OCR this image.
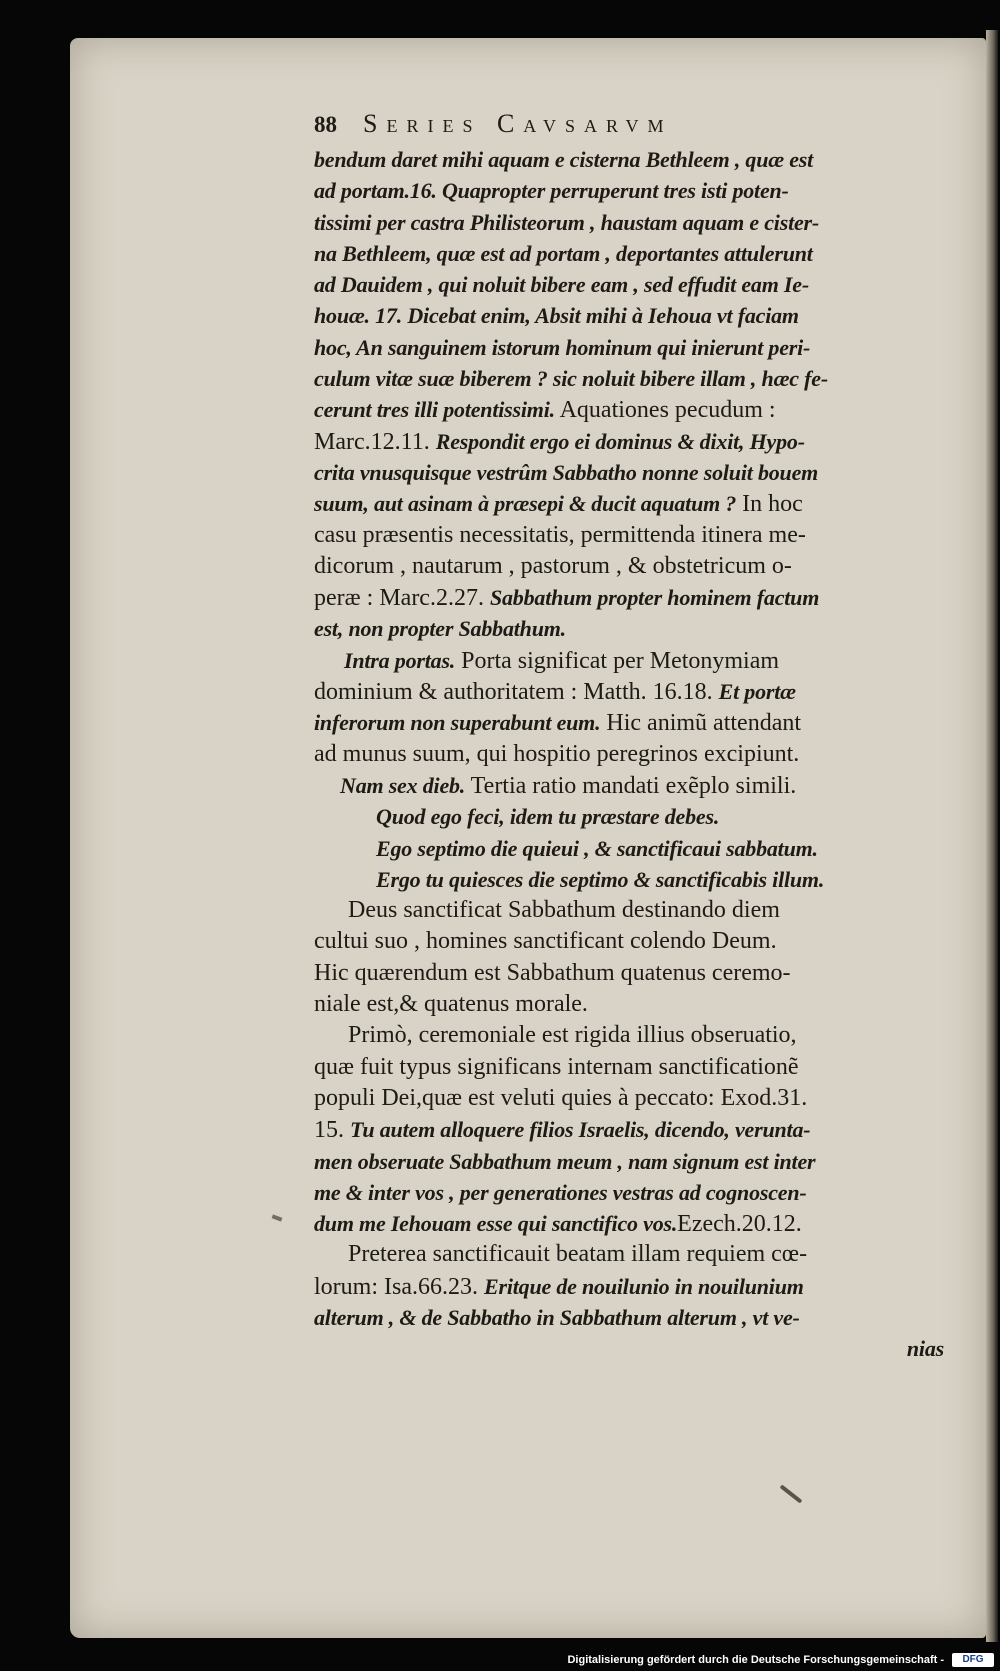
88 Series Cavsarvm
bendum daret mihi aquam e cisterna Bethleem , quæ est
ad portam.16. Quapropter perruperunt tres isti poten-
tissimi per castra Philisteorum , haustam aquam e cister-
na Bethleem, quæ est ad portam , deportantes attulerunt
ad Dauidem , qui noluit bibere eam , sed effudit eam Ie-
houæ. 17. Dicebat enim, Absit mihi à Iehoua vt faciam
hoc, An sanguinem istorum hominum qui inierunt peri-
culum vitæ suæ biberem ? sic noluit bibere illam , hæc fe-
cerunt tres illi potentissimi. Aquationes pecudum :
Marc.12.11. Respondit ergo ei dominus & dixit, Hypo-
crita vnusquisque vestrûm Sabbatho nonne soluit bouem
suum, aut asinam à præsepi & ducit aquatum ? In hoc
casu præsentis necessitatis, permittenda itinera me-
dicorum , nautarum , pastorum , & obstetricum o-
peræ : Marc.2.27. Sabbathum propter hominem factum
est, non propter Sabbathum.
Intra portas. Porta significat per Metonymiam
dominium & authoritatem : Matth. 16.18. Et portæ
inferorum non superabunt eum. Hic animũ attendant
ad munus suum, qui hospitio peregrinos excipiunt.
Nam sex dieb. Tertia ratio mandati exẽplo simili.
Quod ego feci, idem tu præstare debes.
Ego septimo die quieui , & sanctificaui sabbatum.
Ergo tu quiesces die septimo & sanctificabis illum.
Deus sanctificat Sabbathum destinando diem
cultui suo , homines sanctificant colendo Deum.
Hic quærendum est Sabbathum quatenus ceremo-
niale est,& quatenus morale.
Primò, ceremoniale est rigida illius obseruatio,
quæ fuit typus significans internam sanctificationẽ
populi Dei,quæ est veluti quies à peccato: Exod.31.
15. Tu autem alloquere filios Israelis, dicendo, veruntа-
men obseruate Sabbathum meum , nam signum est inter
me & inter vos , per generationes vestras ad cognoscen-
dum me Iehouam esse qui sanctifico vos.Ezech.20.12.
Preterea sanctificauit beatam illam requiem cœ-
lorum: Isa.66.23. Eritque de nouilunio in nouilunium
alterum , & de Sabbatho in Sabbathum alterum , vt ve-
nias
Digitalisierung gefördert durch die Deutsche Forschungsgemeinschaft -	DFG
